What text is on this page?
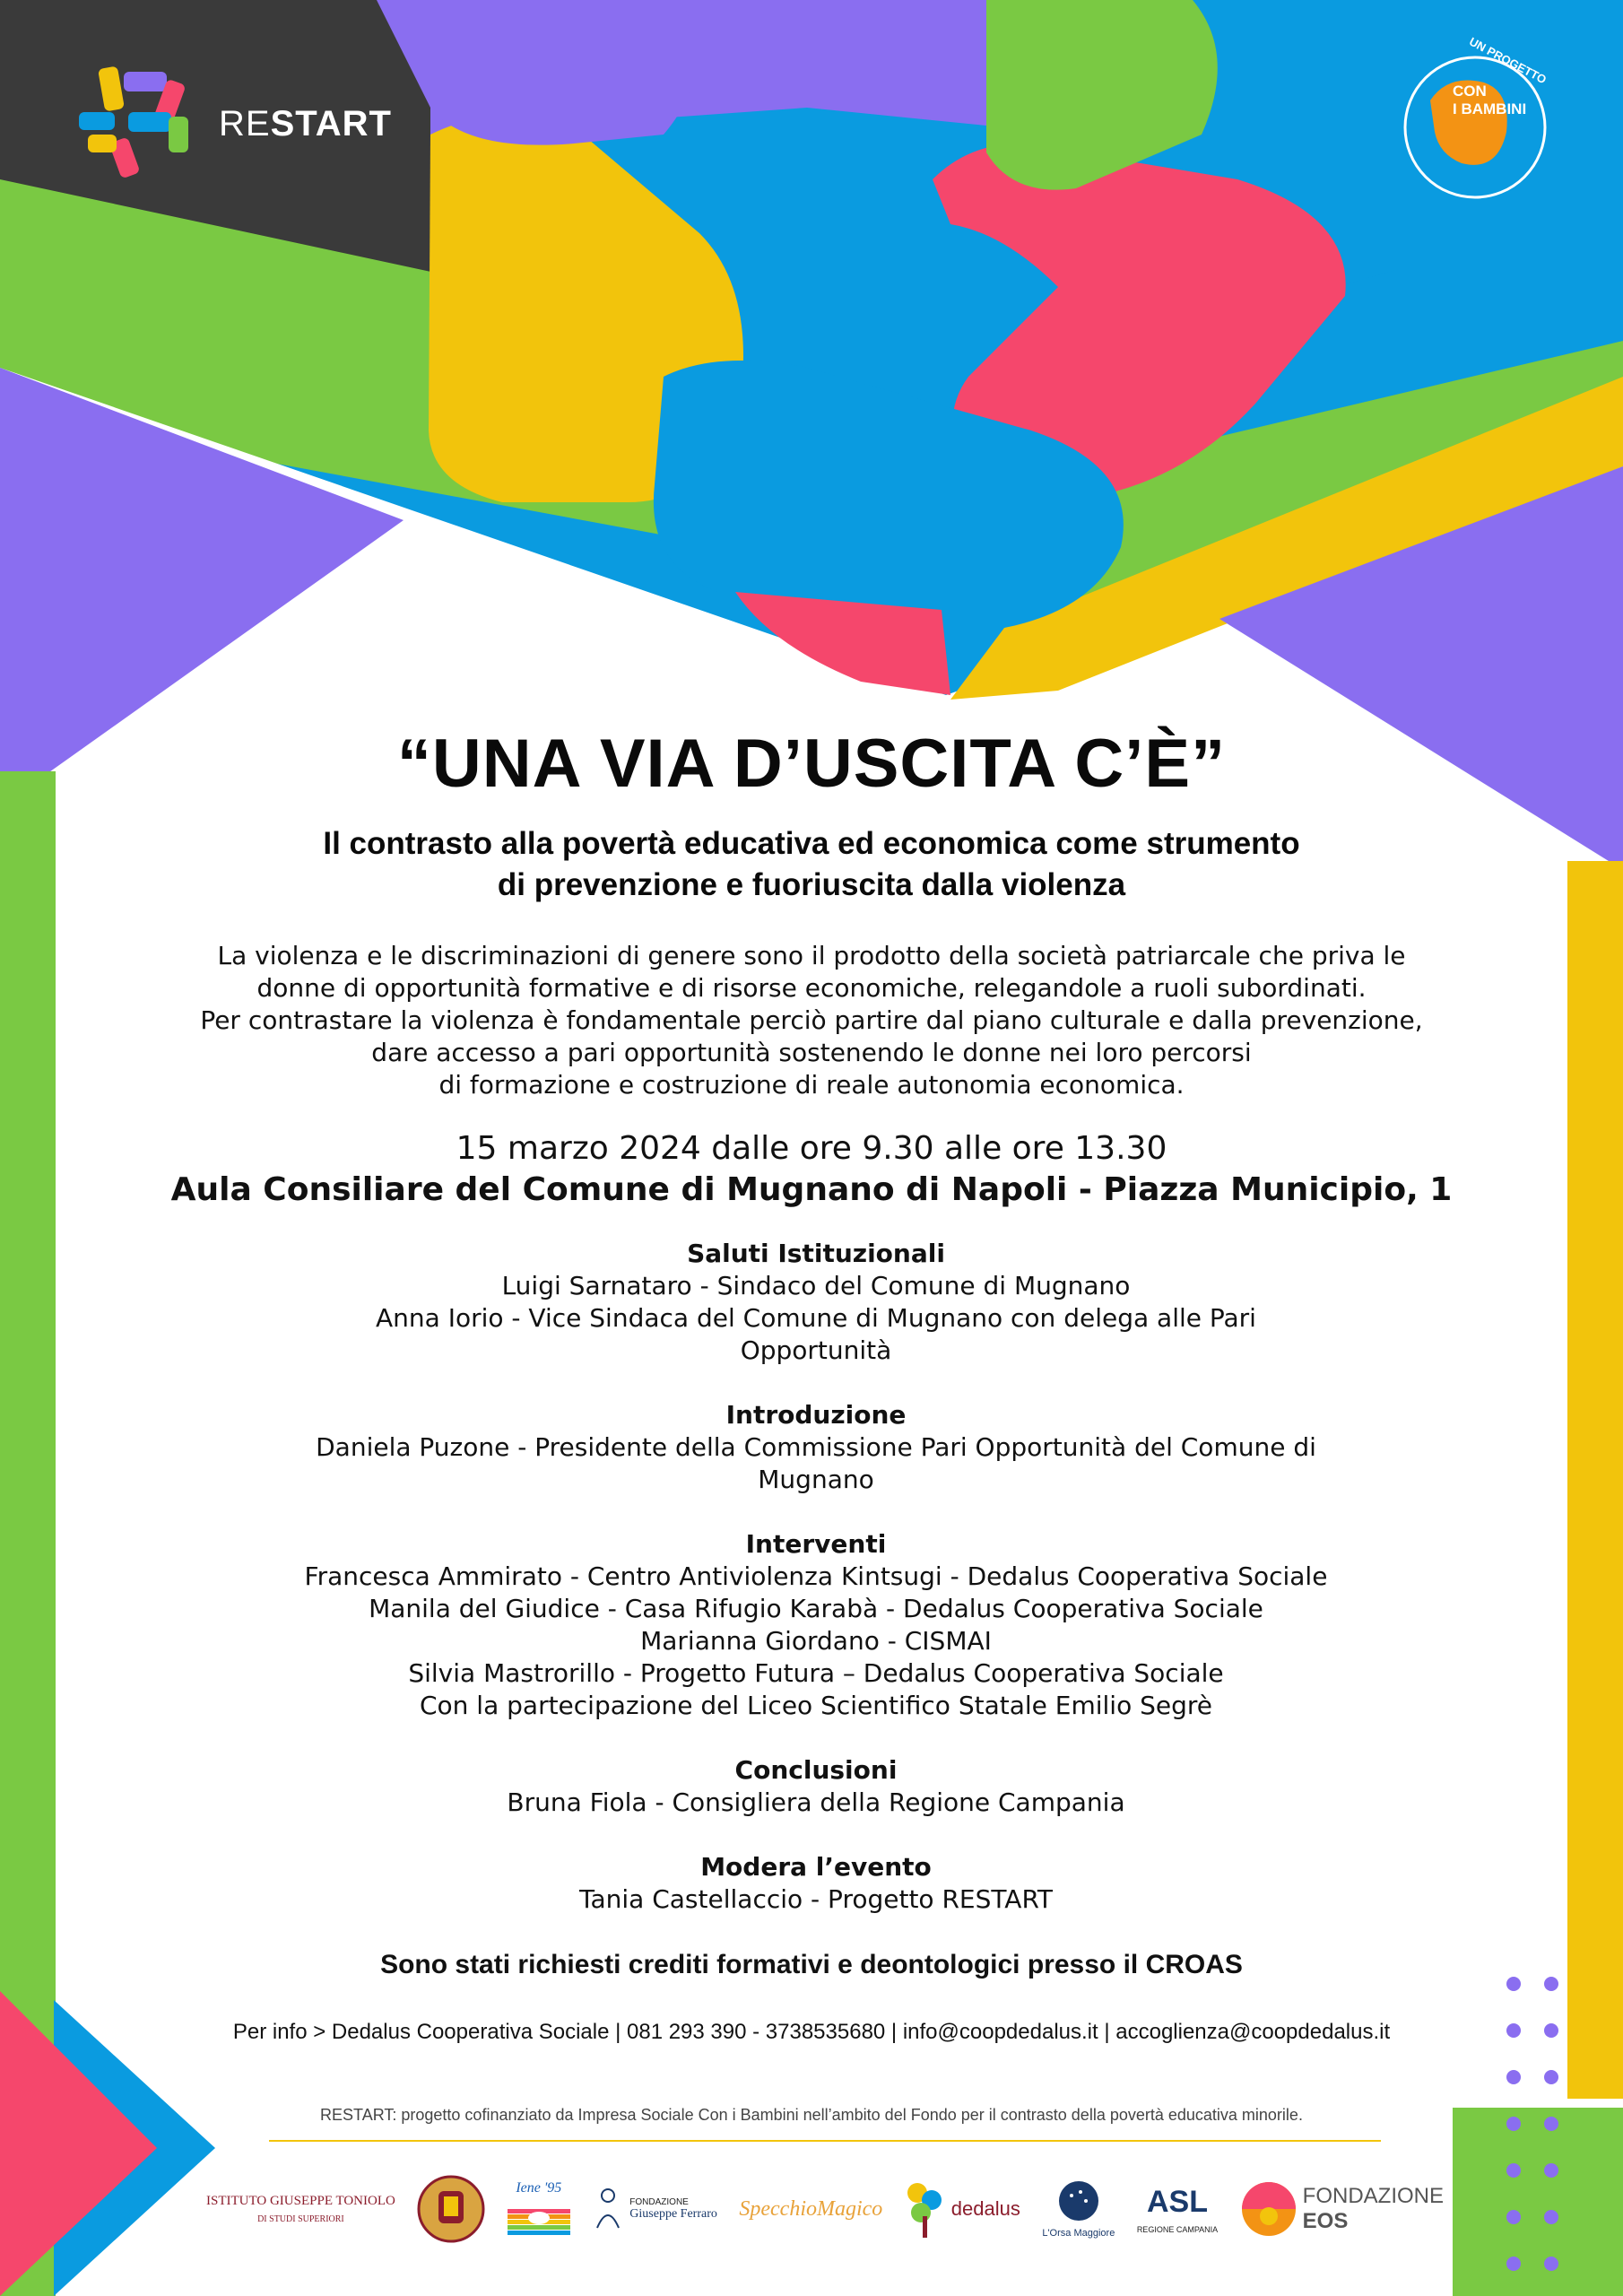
RESTART
UN PROGETTO
CON
I BAMBINI
“UNA VIA D’USCITA C’È”
Il contrasto alla povertà educativa ed economica come strumento
di prevenzione e fuoriuscita dalla violenza
La violenza e le discriminazioni di genere sono il prodotto della società patriarcale che priva le
donne di opportunità formative e di risorse economiche, relegandole a ruoli subordinati.
Per contrastare la violenza è fondamentale perciò partire dal piano culturale e dalla prevenzione,
dare accesso a pari opportunità sostenendo le donne nei loro percorsi
di formazione e costruzione di reale autonomia economica.
15 marzo 2024 dalle ore 9.30 alle ore 13.30
Aula Consiliare del Comune di Mugnano di Napoli - Piazza Municipio, 1
Saluti Istituzionali
Luigi Sarnataro - Sindaco del Comune di Mugnano
Anna Iorio - Vice Sindaca del Comune di Mugnano con delega alle Pari
Opportunità
Introduzione
Daniela Puzone - Presidente della Commissione Pari Opportunità del Comune di
Mugnano
Interventi
Francesca Ammirato - Centro Antiviolenza Kintsugi - Dedalus Cooperativa Sociale
Manila del Giudice - Casa Rifugio Karabà - Dedalus Cooperativa Sociale
Marianna Giordano - CISMAI
Silvia Mastrorillo - Progetto Futura – Dedalus Cooperativa Sociale
Con la partecipazione del Liceo Scientifico Statale Emilio Segrè
Conclusioni
Bruna Fiola - Consigliera della Regione Campania
Modera l’evento
Tania Castellaccio - Progetto RESTART
Sono stati richiesti crediti formativi e deontologici presso il CROAS
Per info > Dedalus Cooperativa Sociale | 081 293 390 - 3738535680 | info@coopdedalus.it | accoglienza@coopdedalus.it
RESTART: progetto cofinanziato da Impresa Sociale Con i Bambini nell’ambito del Fondo per il contrasto della povertà educativa minorile.
ISTITUTO GIUSEPPE TONIOLO
DI STUDI SUPERIORI
Iene '95
FONDAZIONE
Giuseppe Ferraro SpecchioMagico	dedalus
L'Orsa Maggiore
ASL
REGIONE CAMPANIA
FONDAZIONE
EOS
